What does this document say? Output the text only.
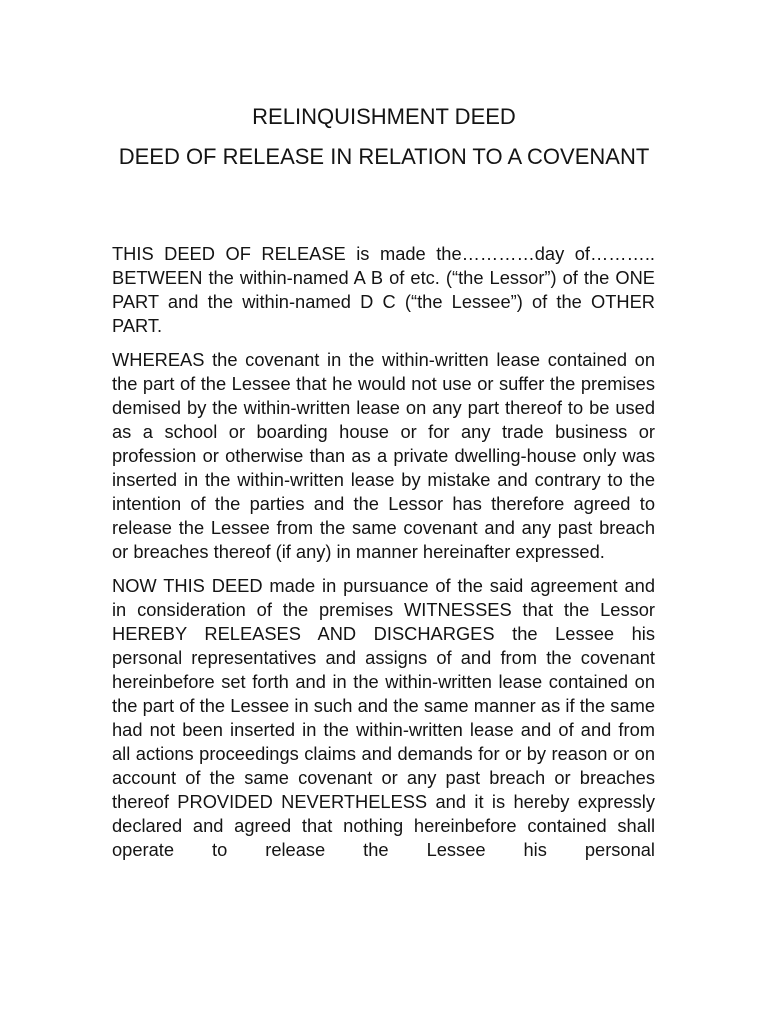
RELINQUISHMENT DEED
DEED OF RELEASE IN RELATION TO A COVENANT

THIS DEED OF RELEASE is made the…………day of……….. BETWEEN the within-named A B of etc. (“the Lessor”) of the ONE PART and the within-named D C (“the Lessee”) of the OTHER PART.

WHEREAS the covenant in the within-written lease contained on the part of the Lessee that he would not use or suffer the premises demised by the within-written lease on any part thereof to be used as a school or boarding house or for any trade business or profession or otherwise than as a private dwelling-house only was inserted in the within-written lease by mistake and contrary to the intention of the parties and the Lessor has therefore agreed to release the Lessee from the same covenant and any past breach or breaches thereof (if any) in manner hereinafter expressed.

NOW THIS DEED made in pursuance of the said agreement and in consideration of the premises WITNESSES that the Lessor HEREBY RELEASES AND DISCHARGES the Lessee his personal representatives and assigns of and from the covenant hereinbefore set forth and in the within-written lease contained on the part of the Lessee in such and the same manner as if the same had not been inserted in the within-written lease and of and from all actions proceedings claims and demands for or by reason or on account of the same covenant or any past breach or breaches thereof PROVIDED NEVERTHELESS and it is hereby expressly declared and agreed that nothing hereinbefore contained shall operate to release the Lessee his personal
